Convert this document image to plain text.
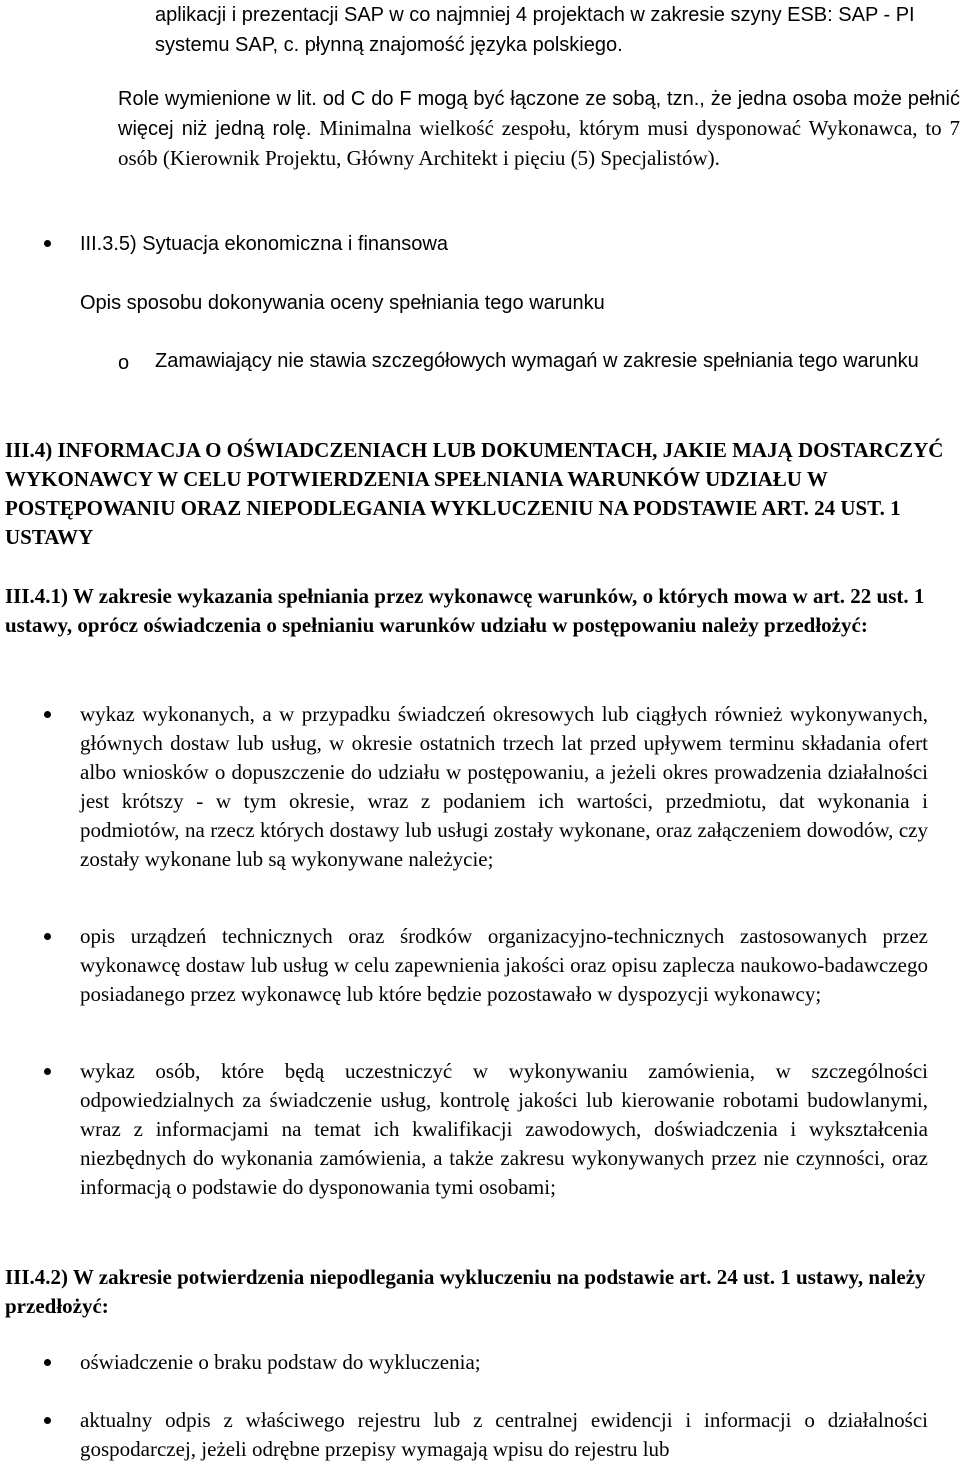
aplikacji i prezentacji SAP w co najmniej 4 projektach w zakresie szyny ESB: SAP - PI systemu SAP, c. płynną znajomość języka polskiego.

Role wymienione w lit. od C do F mogą być łączone ze sobą, tzn., że jedna osoba może pełnić więcej niż jedną rolę. Minimalna wielkość zespołu, którym musi dysponować Wykonawca, to 7 osób (Kierownik Projektu, Główny Architekt i pięciu (5) Specjalistów).

III.3.5) Sytuacja ekonomiczna i finansowa

Opis sposobu dokonywania oceny spełniania tego warunku

o Zamawiający nie stawia szczegółowych wymagań w zakresie spełniania tego warunku

III.4) INFORMACJA O OŚWIADCZENIACH LUB DOKUMENTACH, JAKIE MAJĄ DOSTARCZYĆ WYKONAWCY W CELU POTWIERDZENIA SPEŁNIANIA WARUNKÓW UDZIAŁU W POSTĘPOWANIU ORAZ NIEPODLEGANIA WYKLUCZENIU NA PODSTAWIE ART. 24 UST. 1 USTAWY

III.4.1) W zakresie wykazania spełniania przez wykonawcę warunków, o których mowa w art. 22 ust. 1 ustawy, oprócz oświadczenia o spełnianiu warunków udziału w postępowaniu należy przedłożyć:

wykaz wykonanych, a w przypadku świadczeń okresowych lub ciągłych również wykonywanych, głównych dostaw lub usług, w okresie ostatnich trzech lat przed upływem terminu składania ofert albo wniosków o dopuszczenie do udziału w postępowaniu, a jeżeli okres prowadzenia działalności jest krótszy - w tym okresie, wraz z podaniem ich wartości, przedmiotu, dat wykonania i podmiotów, na rzecz których dostawy lub usługi zostały wykonane, oraz załączeniem dowodów, czy zostały wykonane lub są wykonywane należycie;

opis urządzeń technicznych oraz środków organizacyjno-technicznych zastosowanych przez wykonawcę dostaw lub usług w celu zapewnienia jakości oraz opisu zaplecza naukowo-badawczego posiadanego przez wykonawcę lub które będzie pozostawało w dyspozycji wykonawcy;

wykaz osób, które będą uczestniczyć w wykonywaniu zamówienia, w szczególności odpowiedzialnych za świadczenie usług, kontrolę jakości lub kierowanie robotami budowlanymi, wraz z informacjami na temat ich kwalifikacji zawodowych, doświadczenia i wykształcenia niezbędnych do wykonania zamówienia, a także zakresu wykonywanych przez nie czynności, oraz informacją o podstawie do dysponowania tymi osobami;

III.4.2) W zakresie potwierdzenia niepodlegania wykluczeniu na podstawie art. 24 ust. 1 ustawy, należy przedłożyć:

oświadczenie o braku podstaw do wykluczenia;

aktualny odpis z właściwego rejestru lub z centralnej ewidencji i informacji o działalności gospodarczej, jeżeli odrębne przepisy wymagają wpisu do rejestru lub
